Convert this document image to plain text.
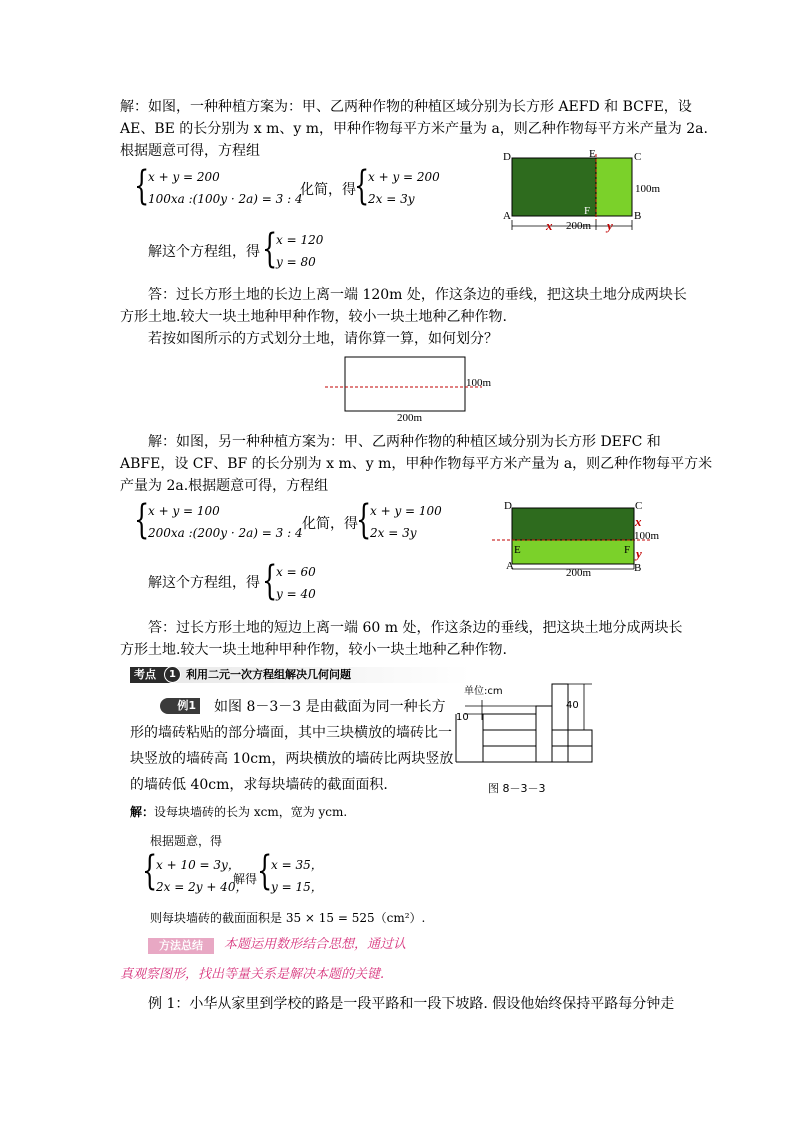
解：如图，一种种植方案为：甲、乙两种作物的种植区域分别为长方形 AEFD 和 BCFE，设
AE、BE 的长分别为 x m、y m，甲种作物每平方米产量为 a，则乙种作物每平方米产量为 2a.
根据题意可得，方程组
{
x + y = 200
100xa :(100y · 2a) = 3 : 4
化简，得
{
x + y = 200
2x = 3y
解这个方程组，得 {
x = 120
y = 80
D	E	C
A	F	B
100m
x 200m y
答：过长方形土地的长边上离一端 120m 处，作这条边的垂线，把这块土地分成两块长
方形土地.较大一块土地种甲种作物，较小一块土地种乙种作物.
若按如图所示的方式划分土地，请你算一算，如何划分？
100m
200m
解：如图，另一种种植方案为：甲、乙两种作物的种植区域分别为长方形 DEFC 和
ABFE，设 CF、BF 的长分别为 x m、y m，甲种作物每平方米产量为 a，则乙种作物每平方米
产量为 2a.根据题意可得，方程组
{
x + y = 100
200xa :(200y · 2a) = 3 : 4
化简，得
{
x + y = 100
2x = 3y
解这个方程组，得 {
x = 60
y = 40
D	C
x
100m
E	F y
A
200m	B
答：过长方形土地的短边上离一端 60 m 处，作这条边的垂线，把这块土地分成两块长
方形土地.较大一块土地种甲种作物，较小一块土地种乙种作物.
考点	1 利用二元一次方程组解决几何问题
例1 如图 8－3－3 是由截面为同一种长方
形的墙砖粘贴的部分墙面，其中三块横放的墙砖比一
块竖放的墙砖高 10cm，两块横放的墙砖比两块竖放
的墙砖低 40cm，求每块墙砖的截面面积.
解：设每块墙砖的长为 xcm，宽为 ycm.
根据题意，得
{
x + 10 = 3y，
2x = 2y + 40，
解得 {
x = 35，
y = 15，
则每块墙砖的截面面积是 35 × 15 = 525（cm²）.
单位:cm
10
40
图 8－3－3
方法总结	本题运用数形结合思想，通过认
真观察图形，找出等量关系是解决本题的关键.
例 1：小华从家里到学校的路是一段平路和一段下坡路. 假设他始终保持平路每分钟走
